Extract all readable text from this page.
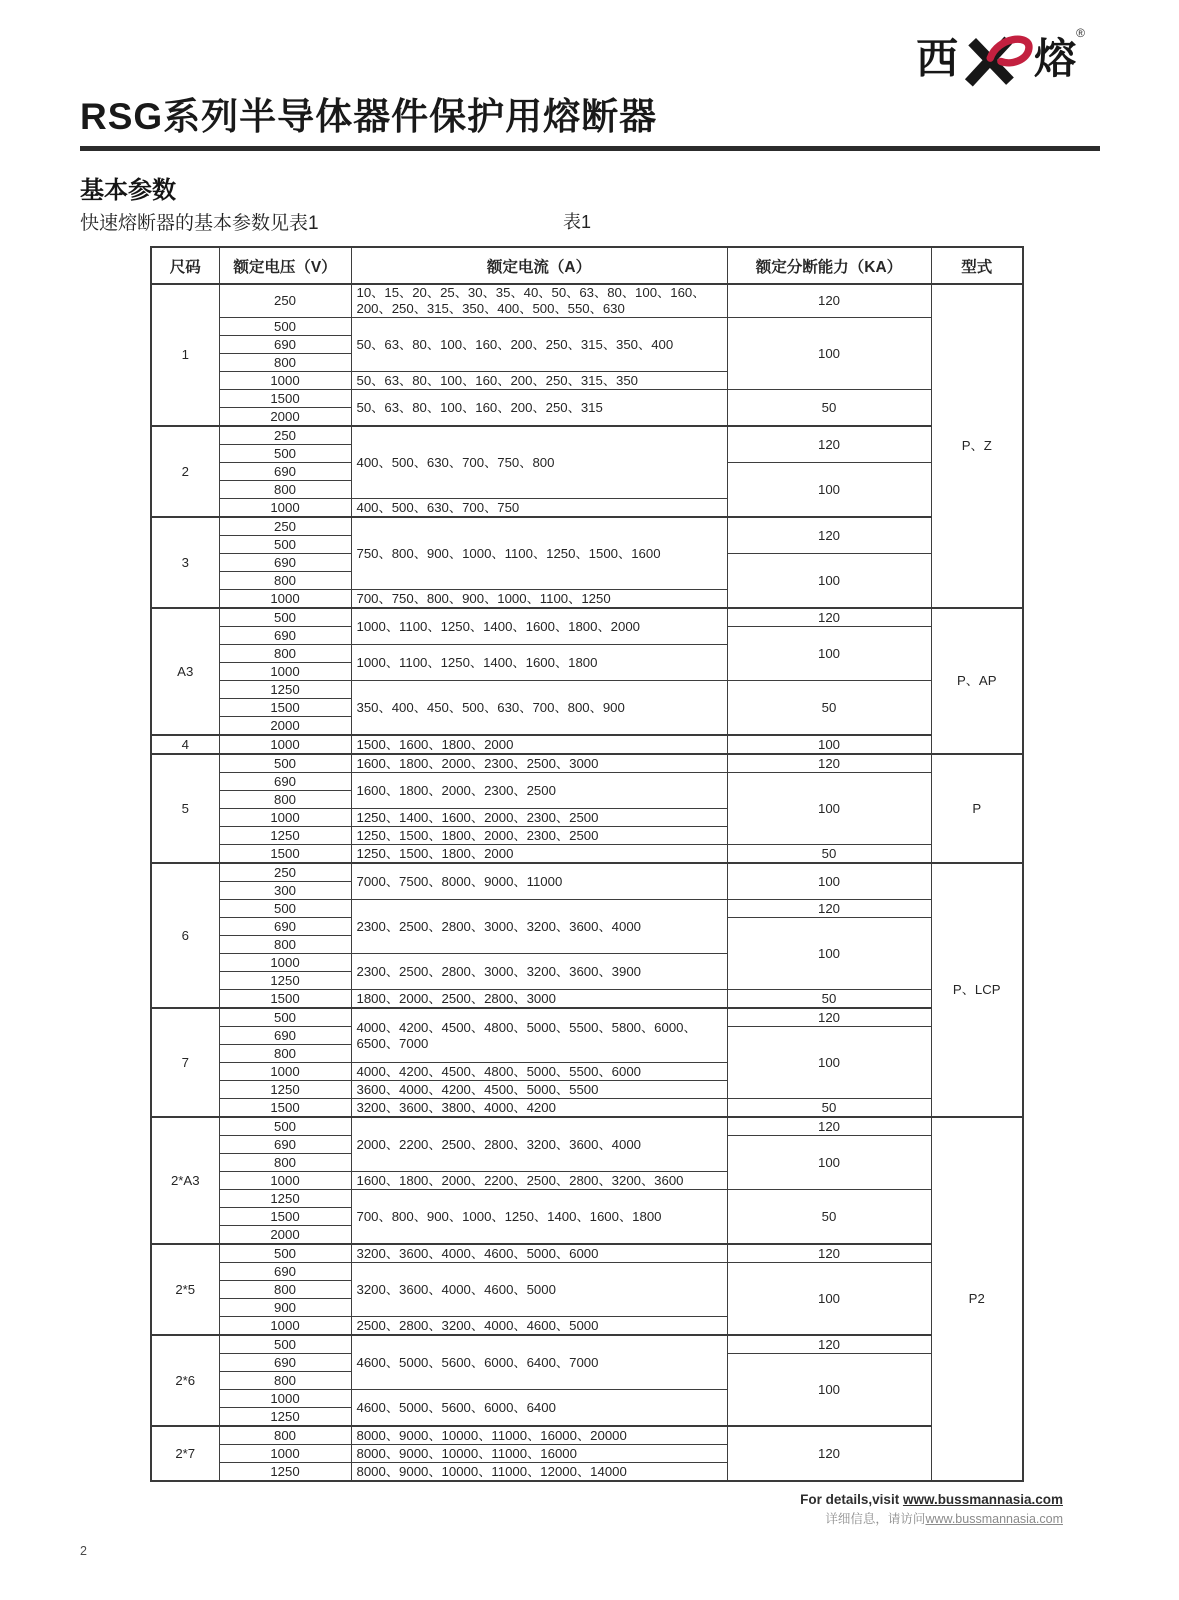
西 熔
®
RSG系列半导体器件保护用熔断器
基本参数
快速熔断器的基本参数见表1	表1
尺码	额定电压（V）	额定电流（A）	额定分断能力（KA）	型式
1	250	10、15、20、25、30、35、40、50、63、80、100、160、200、250、315、350、400、500、550、630	120	P、Z
	500	50、63、80、100、160、200、250、315、350、400	100	
	690			
	800			
	1000	50、63、80、100、160、200、250、315、350		
	1500	50、63、80、100、160、200、250、315	50	
	2000			
2	250	400、500、630、700、750、800	120	
	500			
	690		100	
	800			
	1000	400、500、630、700、750		
3	250	750、800、900、1000、1100、1250、1500、1600	120	
	500			
	690		100	
	800			
	1000	700、750、800、900、1000、1100、1250		
A3	500	1000、1100、1250、1400、1600、1800、2000	120	P、AP
	690		100	
	800	1000、1100、1250、1400、1600、1800		
	1000			
	1250	350、400、450、500、630、700、800、900	50	
	1500			
	2000			
4	1000	1500、1600、1800、2000	100	
5	500	1600、1800、2000、2300、2500、3000	120	P
	690	1600、1800、2000、2300、2500	100	
	800			
	1000	1250、1400、1600、2000、2300、2500		
	1250	1250、1500、1800、2000、2300、2500		
	1500	1250、1500、1800、2000	50	
6	250	7000、7500、8000、9000、11000	100	P、LCP
	300			
	500	2300、2500、2800、3000、3200、3600、4000	120	
	690		100	
	800			
	1000	2300、2500、2800、3000、3200、3600、3900		
	1250			
	1500	1800、2000、2500、2800、3000	50	
7	500	4000、4200、4500、4800、5000、5500、5800、6000、6500、7000	120	
	690		100	
	800			
	1000	4000、4200、4500、4800、5000、5500、6000		
	1250	3600、4000、4200、4500、5000、5500		
	1500	3200、3600、3800、4000、4200	50	
2*A3	500	2000、2200、2500、2800、3200、3600、4000	120	P2
	690		100	
	800			
	1000	1600、1800、2000、2200、2500、2800、3200、3600		
	1250	700、800、900、1000、1250、1400、1600、1800	50	
	1500			
	2000			
2*5	500	3200、3600、4000、4600、5000、6000	120	
	690	3200、3600、4000、4600、5000	100	
	800			
	900			
	1000	2500、2800、3200、4000、4600、5000		
2*6	500	4600、5000、5600、6000、6400、7000	120	
	690		100	
	800			
	1000	4600、5000、5600、6000、6400		
	1250			
2*7	800	8000、9000、10000、11000、16000、20000	120	
	1000	8000、9000、10000、11000、16000		
	1250	8000、9000、10000、11000、12000、14000		
For details,visit www.bussmannasia.com
详细信息，请访问www.bussmannasia.com
2
